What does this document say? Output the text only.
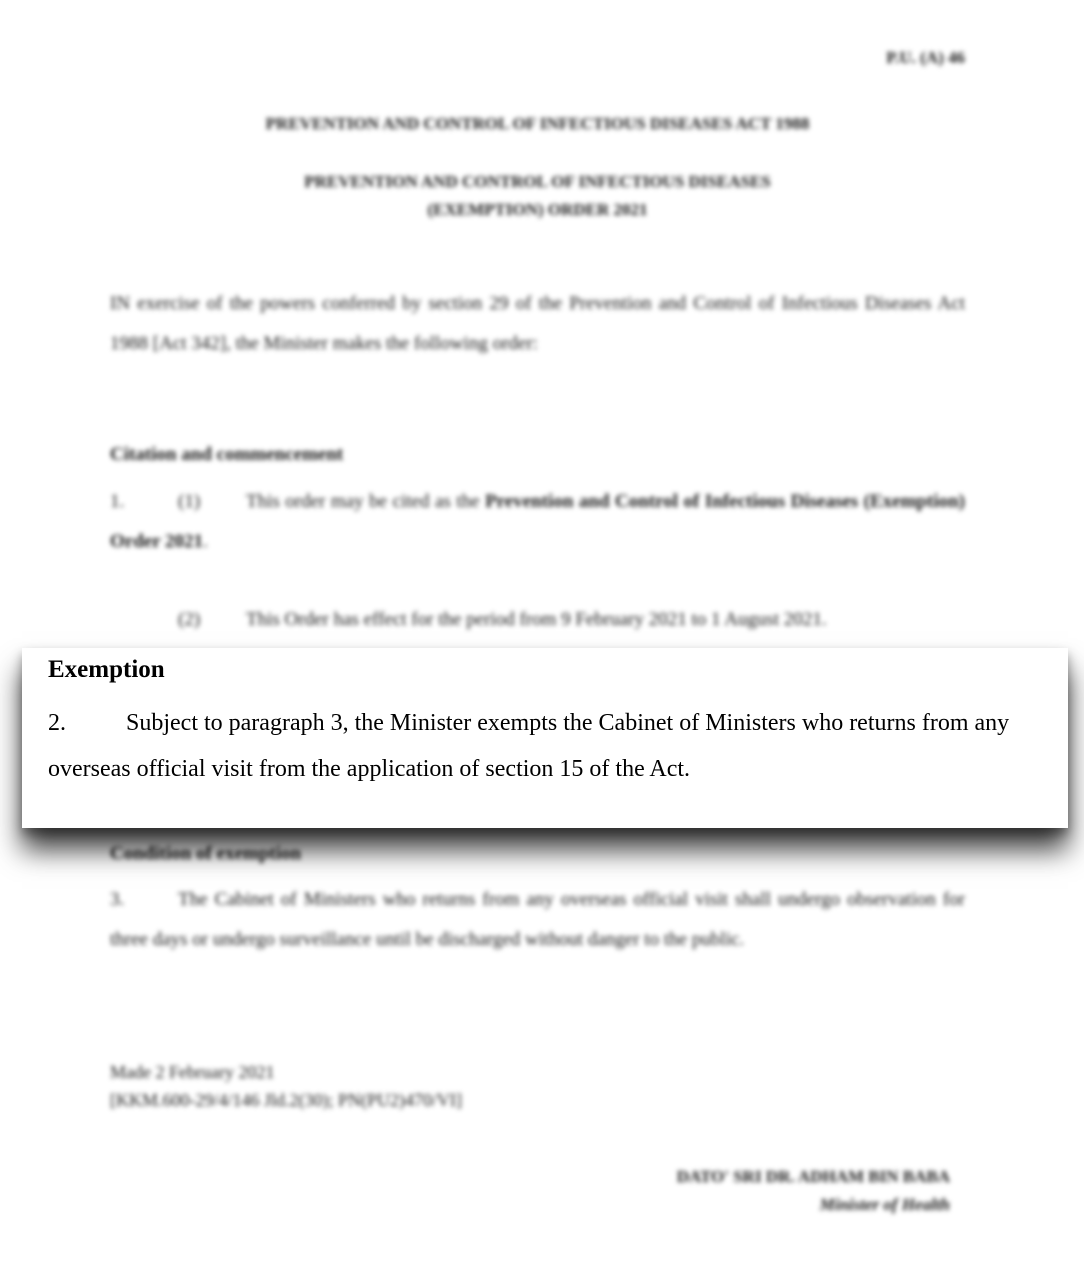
P.U. (A) 46
PREVENTION AND CONTROL OF INFECTIOUS DISEASES ACT 1988
PREVENTION AND CONTROL OF INFECTIOUS DISEASES
(EXEMPTION) ORDER 2021
IN exercise of the powers conferred by section 29 of the Prevention and Control of Infectious Diseases Act 1988 [Act 342], the Minister makes the following order:
Citation and commencement
1.	(1) This order may be cited as the Prevention and Control of Infectious Diseases (Exemption) Order 2021.
(2) This Order has effect for the period from 9 February 2021 to 1 August 2021.
Condition of exemption
3.	The Cabinet of Ministers who returns from any overseas official visit shall undergo observation for three days or undergo surveillance until be discharged without danger to the public.
Made 2 February 2021
[KKM.600-29/4/146 Jld.2(30); PN(PU2)470/VI]
DATO' SRI DR. ADHAM BIN BABA
Minister of Health
Exemption
2.	Subject to paragraph 3, the Minister exempts the Cabinet of Ministers who returns from any overseas official visit from the application of section 15 of the Act.
